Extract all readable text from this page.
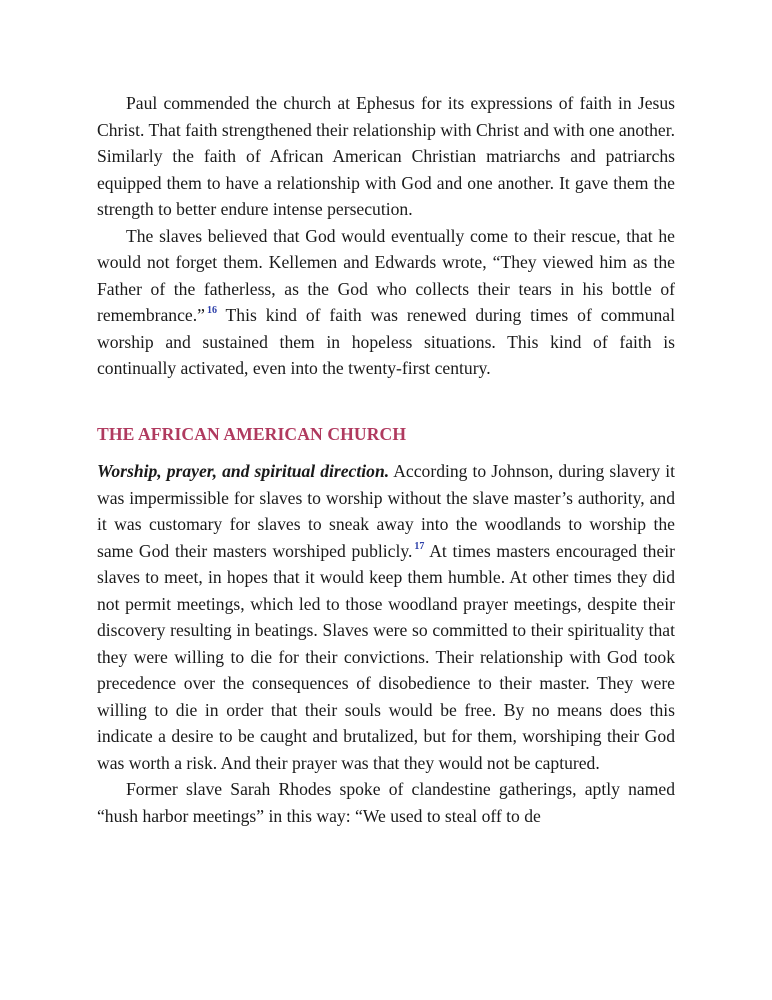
Paul commended the church at Ephesus for its expressions of faith in Jesus Christ. That faith strengthened their relationship with Christ and with one another. Similarly the faith of African American Christian matriarchs and patriarchs equipped them to have a relationship with God and one another. It gave them the strength to better endure intense persecution.

The slaves believed that God would eventually come to their rescue, that he would not forget them. Kellemen and Edwards wrote, “They viewed him as the Father of the fatherless, as the God who collects their tears in his bottle of remembrance.” $^{16}$ This kind of faith was renewed during times of communal worship and sustained them in hopeless situations. This kind of faith is continually activated, even into the twenty-first century.

THE AFRICAN AMERICAN CHURCH

Worship, prayer, and spiritual direction. According to Johnson, during slavery it was impermissible for slaves to worship without the slave master’s authority, and it was customary for slaves to sneak away into the woodlands to worship the same God their masters worshiped publicly. $^{17}$ At times masters encouraged their slaves to meet, in hopes that it would keep them humble. At other times they did not permit meetings, which led to those woodland prayer meetings, despite their discovery resulting in beatings. Slaves were so committed to their spirituality that they were willing to die for their convictions. Their relationship with God took precedence over the consequences of disobedience to their master. They were willing to die in order that their souls would be free. By no means does this indicate a desire to be caught and brutalized, but for them, worshiping their God was worth a risk. And their prayer was that they would not be captured.

Former slave Sarah Rhodes spoke of clandestine gatherings, aptly named “hush harbor meetings” in this way: “We used to steal off to de
